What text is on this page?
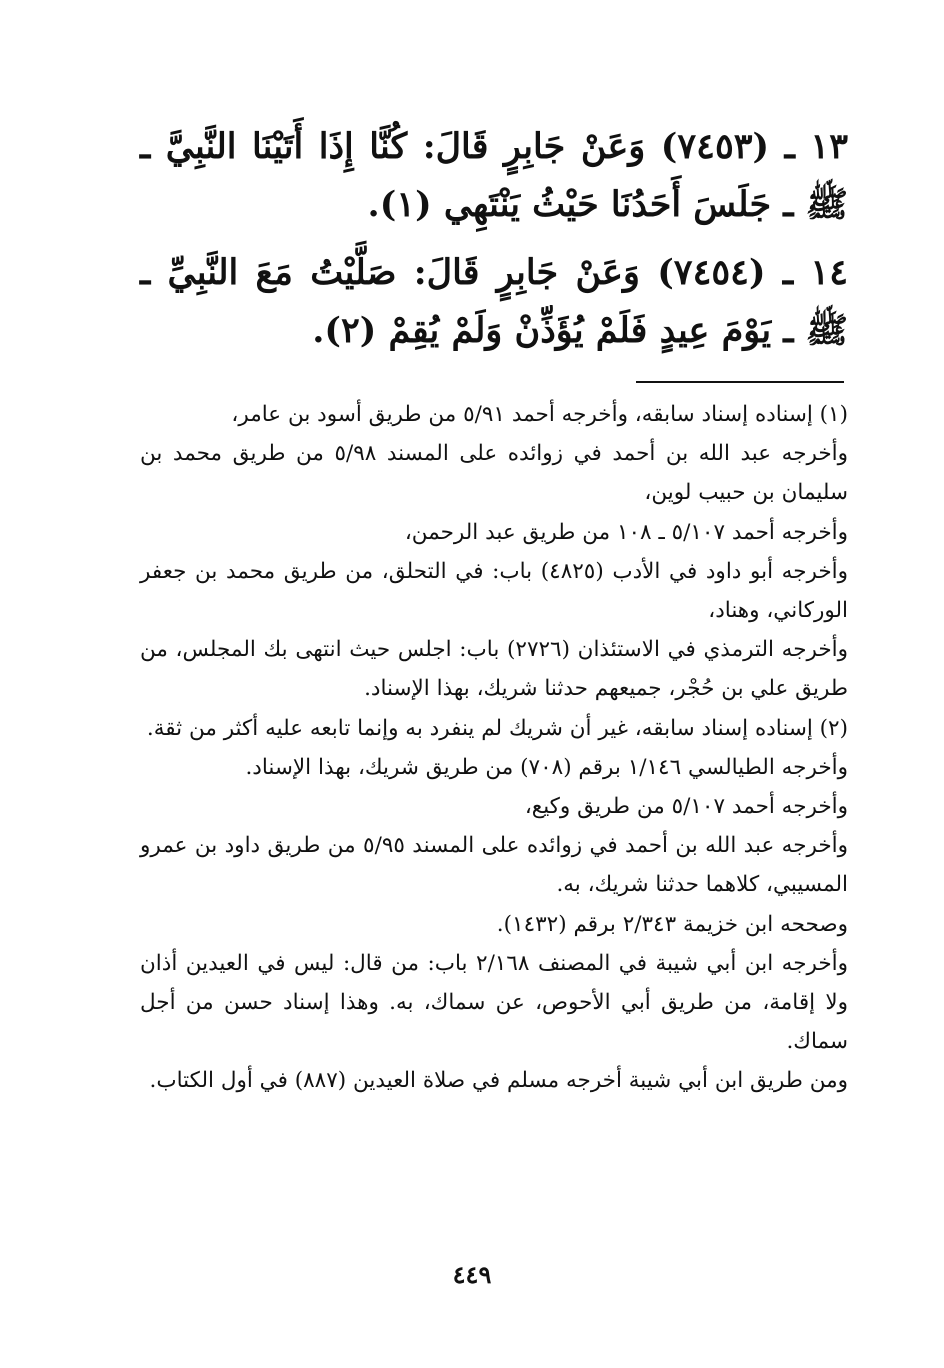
١٣ ـ (٧٤٥٣) وَعَنْ جَابِرٍ قَالَ: كُنَّا إِذَا أَتَيْنَا النَّبِيَّ ـ ﷺ ـ جَلَسَ أَحَدُنَا حَيْثُ يَنْتَهِي (١).

١٤ ـ (٧٤٥٤) وَعَنْ جَابِرٍ قَالَ: صَلَّيْتُ مَعَ النَّبِيِّ ـ ﷺ ـ يَوْمَ عِيدٍ فَلَمْ يُؤَذِّنْ وَلَمْ يُقِمْ (٢).

(١) إسناده إسناد سابقه، وأخرجه أحمد ٥/٩١ من طريق أسود بن عامر،

وأخرجه عبد الله بن أحمد في زوائده على المسند ٥/٩٨ من طريق محمد بن سليمان بن حبيب لوين،

وأخرجه أحمد ٥/١٠٧ ـ ١٠٨ من طريق عبد الرحمن،

وأخرجه أبو داود في الأدب (٤٨٢٥) باب: في التحلق، من طريق محمد بن جعفر الوركاني، وهناد،

وأخرجه الترمذي في الاستئذان (٢٧٢٦) باب: اجلس حيث انتهى بك المجلس، من طريق علي بن حُجْر، جميعهم حدثنا شريك، بهذا الإسناد.

(٢) إسناده إسناد سابقه، غير أن شريك لم ينفرد به وإنما تابعه عليه أكثر من ثقة.

وأخرجه الطيالسي ١/١٤٦ برقم (٧٠٨) من طريق شريك، بهذا الإسناد.

وأخرجه أحمد ٥/١٠٧ من طريق وكيع،

وأخرجه عبد الله بن أحمد في زوائده على المسند ٥/٩٥ من طريق داود بن عمرو المسيبي، كلاهما حدثنا شريك، به.

وصححه ابن خزيمة ٢/٣٤٣ برقم (١٤٣٢).

وأخرجه ابن أبي شيبة في المصنف ٢/١٦٨ باب: من قال: ليس في العيدين أذان ولا إقامة، من طريق أبي الأحوص، عن سماك، به. وهذا إسناد حسن من أجل سماك.

ومن طريق ابن أبي شيبة أخرجه مسلم في صلاة العيدين (٨٨٧) في أول الكتاب.

٤٤٩
